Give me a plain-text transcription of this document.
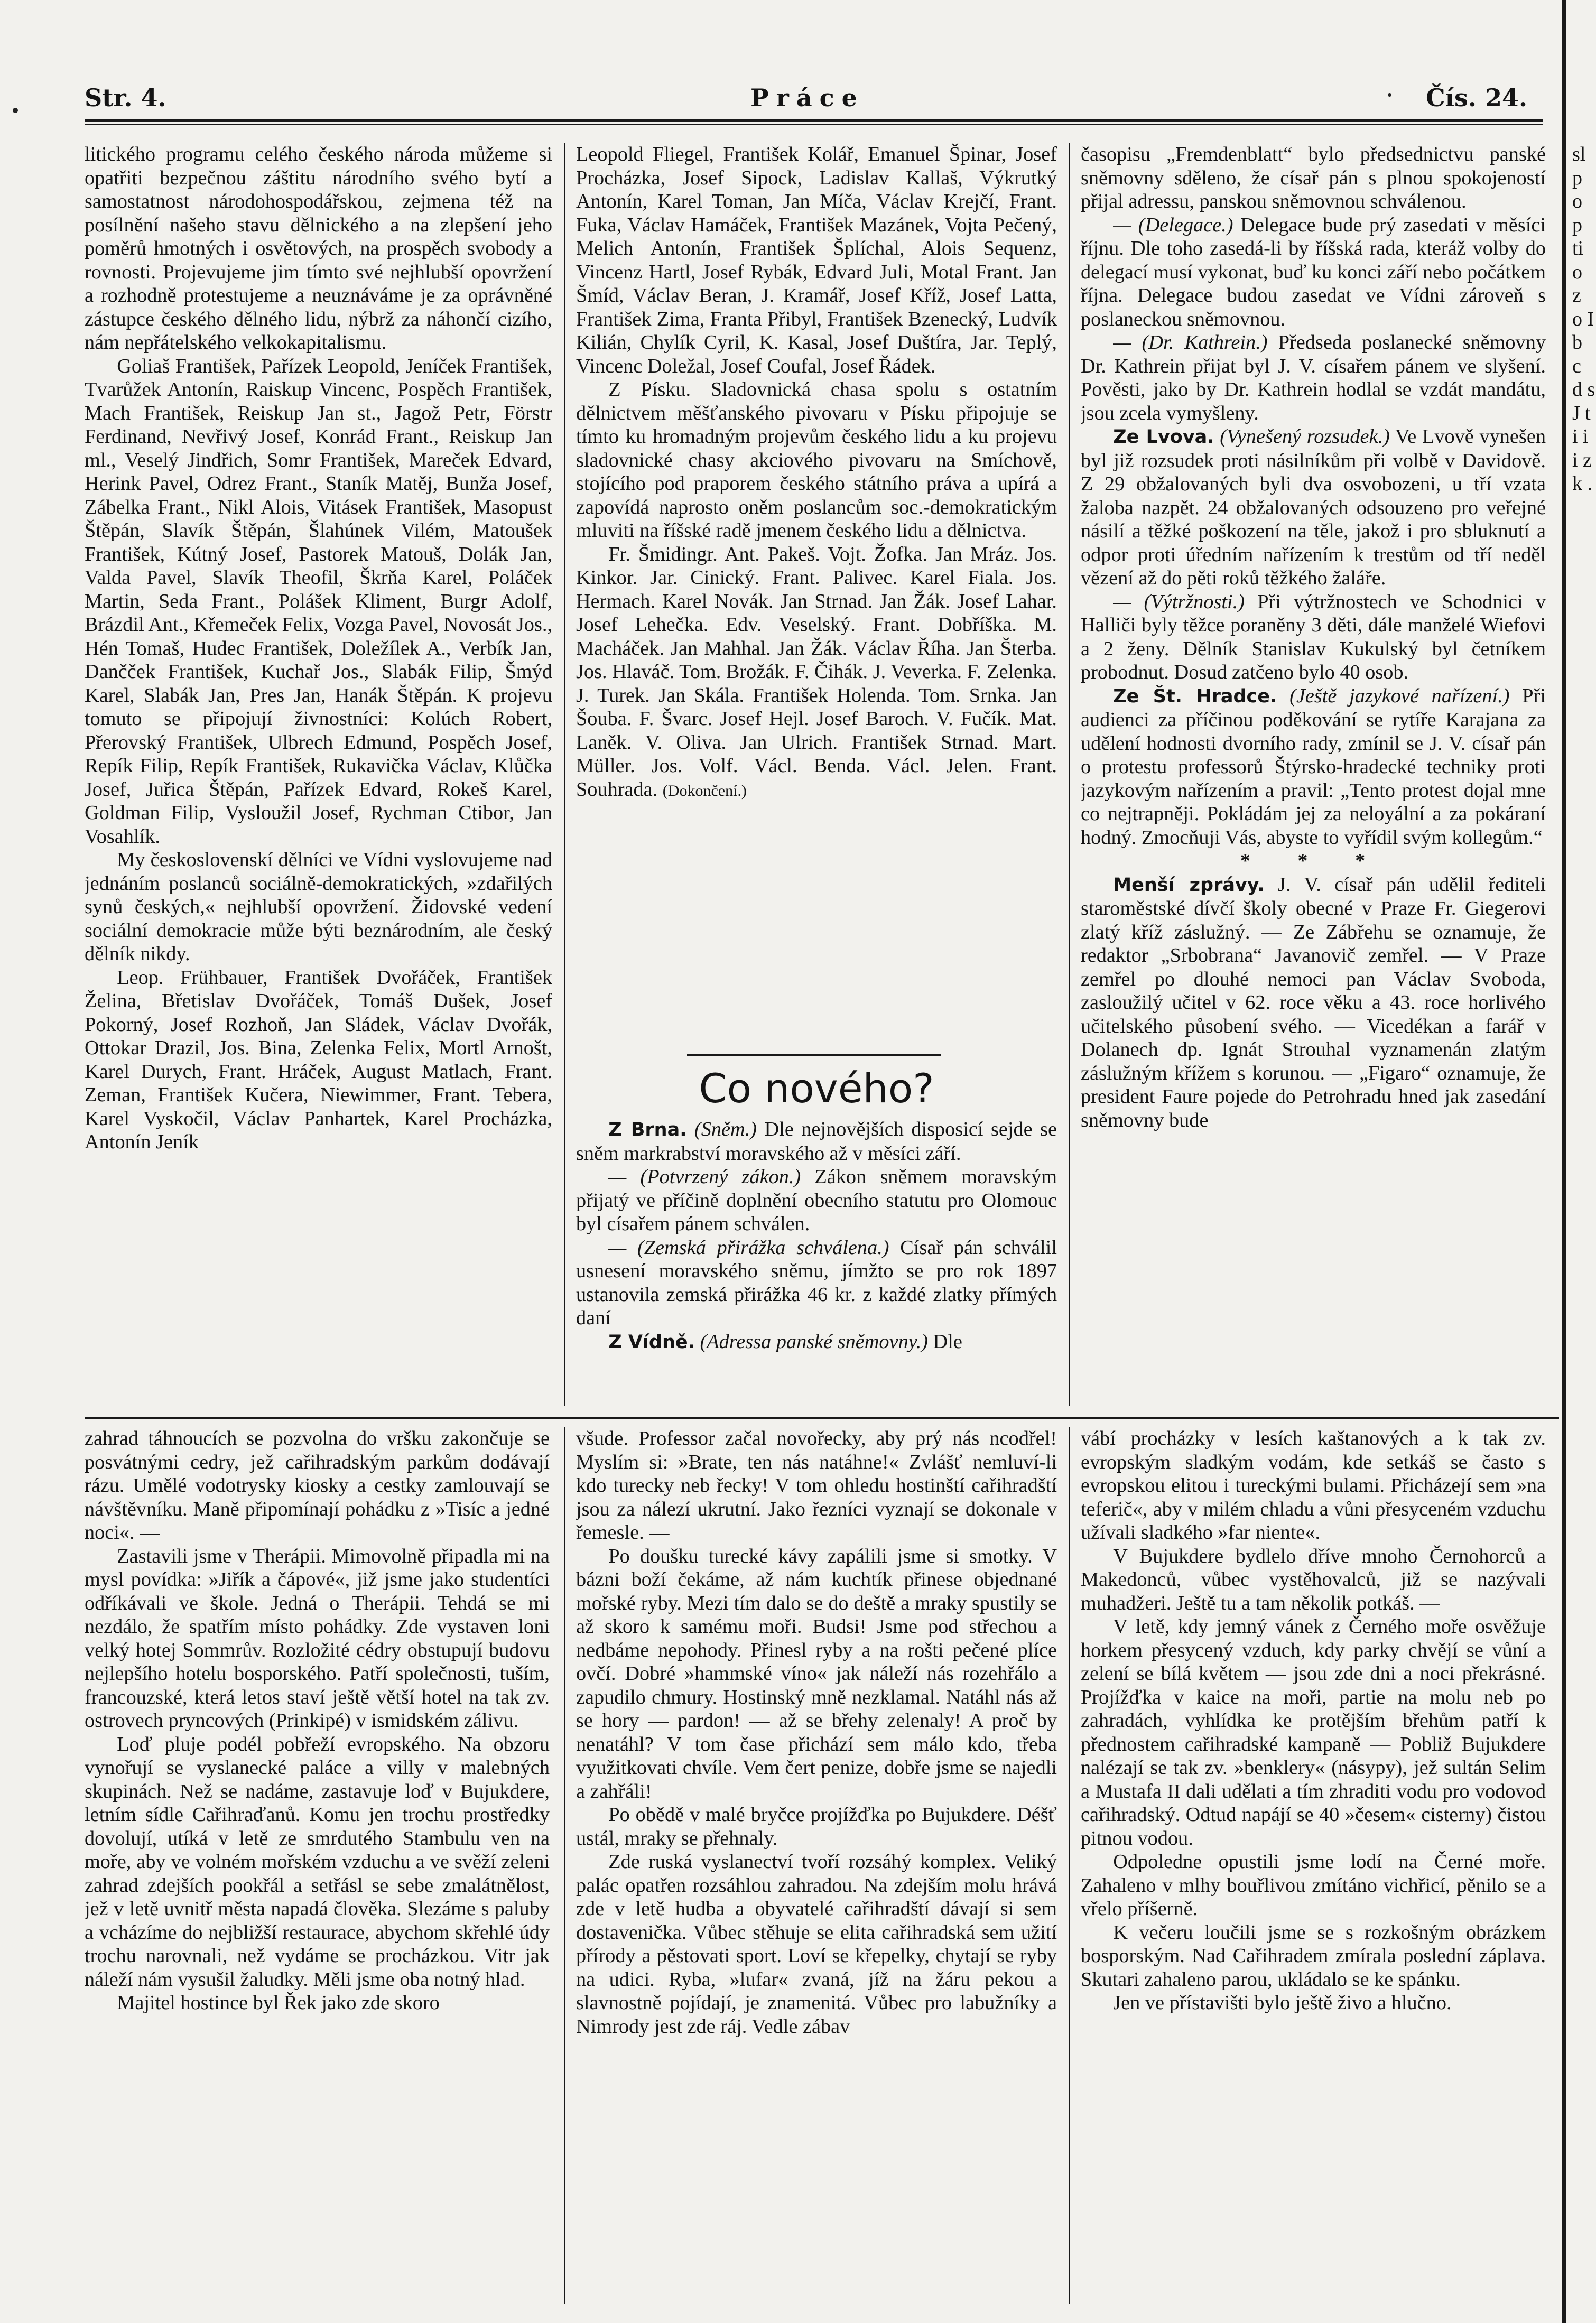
Str. 4.	Práce	Čís. 24.

litického programu celého českého národa můžeme si opatřiti bezpečnou záštitu národního svého bytí a samostatnost národohospodářskou, zejmena též na posílnění našeho stavu dělnického a na zlepšení jeho poměrů hmotných i osvětových, na prospěch svobody a rovnosti. Projevujeme jim tímto své nejhlubší opovržení a rozhodně protestujeme a neuznáváme je za oprávněné zástupce českého dělného lidu, nýbrž za náhončí cizího, nám nepřátelského velkokapitalismu.

Goliaš František, Pařízek Leopold, Jeníček František, Tvarůžek Antonín, Raiskup Vincenc, Pospěch František, Mach František, Reiskup Jan st., Jagož Petr, Förstr Ferdinand, Nevřivý Josef, Konrád Frant., Reiskup Jan ml., Veselý Jindřich, Somr František, Mareček Edvard, Herink Pavel, Odrez Frant., Staník Matěj, Bunža Josef, Zábelka Frant., Nikl Alois, Vitásek František, Masopust Štěpán, Slavík Štěpán, Šlahúnek Vilém, Matoušek František, Kútný Josef, Pastorek Matouš, Dolák Jan, Valda Pavel, Slavík Theofil, Škrňa Karel, Poláček Martin, Seda Frant., Polášek Kliment, Burgr Adolf, Brázdil Ant., Křemeček Felix, Vozga Pavel, Novosát Jos., Hén Tomaš, Hudec František, Doležílek A., Verbík Jan, Dančček František, Kuchař Jos., Slabák Filip, Šmýd Karel, Slabák Jan, Pres Jan, Hanák Štěpán. K projevu tomuto se připojují živnostníci: Kolúch Robert, Přerovský František, Ulbrech Edmund, Pospěch Josef, Repík Filip, Repík František, Rukavička Václav, Klůčka Josef, Juřica Štěpán, Pařízek Edvard, Rokeš Karel, Goldman Filip, Vysloužil Josef, Rychman Ctibor, Jan Vosahlík.

My československí dělníci ve Vídni vyslovujeme nad jednáním poslanců sociálně-demokratických, »zdařilých synů českých,« nejhlubší opovržení. Židovské vedení sociální demokracie může býti beznárodním, ale český dělník nikdy.

Leop. Frühbauer, František Dvořáček, František Želina, Břetislav Dvořáček, Tomáš Dušek, Josef Pokorný, Josef Rozhoň, Jan Sládek, Václav Dvořák, Ottokar Drazil, Jos. Bina, Zelenka Felix, Mortl Arnošt, Karel Durych, Frant. Hráček, August Matlach, Frant. Zeman, František Kučera, Niewimmer, Frant. Tebera, Karel Vyskočil, Václav Panhartek, Karel Procházka, Antonín Jeník

Leopold Fliegel, František Kolář, Emanuel Špinar, Josef Procházka, Josef Sipock, Ladislav Kallaš, Výkrutký Antonín, Karel Toman, Jan Míča, Václav Krejčí, Frant. Fuka, Václav Hamáček, František Mazánek, Vojta Pečený, Melich Antonín, František Šplíchal, Alois Sequenz, Vincenz Hartl, Josef Rybák, Edvard Juli, Motal Frant. Jan Šmíd, Václav Beran, J. Kramář, Josef Kříž, Josef Latta, František Zima, Franta Přibyl, František Bzenecký, Ludvík Kilián, Chylík Cyril, K. Kasal, Josef Duštíra, Jar. Teplý, Vincenc Doležal, Josef Coufal, Josef Řádek.

Z Písku. Sladovnická chasa spolu s ostatním dělnictvem měšťanského pivovaru v Písku připojuje se tímto ku hromadným projevům českého lidu a ku projevu sladovnické chasy akciového pivovaru na Smíchově, stojícího pod praporem českého státního práva a upírá a zapovídá naprosto oněm poslancům soc.-demokratickým mluviti na říšské radě jmenem českého lidu a dělnictva.

Fr. Šmidingr. Ant. Pakeš. Vojt. Žofka. Jan Mráz. Jos. Kinkor. Jar. Cinický. Frant. Palivec. Karel Fiala. Jos. Hermach. Karel Novák. Jan Strnad. Jan Žák. Josef Lahar. Josef Lehečka. Edv. Veselský. Frant. Dobříška. M. Macháček. Jan Mahhal. Jan Žák. Václav Říha. Jan Šterba. Jos. Hlaváč. Tom. Brožák. F. Čihák. J. Veverka. F. Zelenka. J. Turek. Jan Skála. František Holenda. Tom. Srnka. Jan Šouba. F. Švarc. Josef Hejl. Josef Baroch. V. Fučík. Mat. Laněk. V. Oliva. Jan Ulrich. František Strnad. Mart. Müller. Jos. Volf. Václ. Benda. Václ. Jelen. Frant. Souhrada. (Dokončení.)

Co nového?

Z Brna. (Sněm.) Dle nejnovějších disposicí sejde se sněm markrabství moravského až v měsíci září.

— (Potvrzený zákon.) Zákon sněmem moravským přijatý ve příčině doplnění obecního statutu pro Olomouc byl císařem pánem schválen.

— (Zemská přirážka schválena.) Císař pán schválil usnesení moravského sněmu, jímžto se pro rok 1897 ustanovila zemská přirážka 46 kr. z každé zlatky přímých daní

Z Vídně. (Adressa panské sněmovny.) Dle

časopisu „Fremdenblatt“ bylo předsednictvu panské sněmovny sděleno, že císař pán s plnou spokojeností přijal adressu, panskou sněmovnou schválenou.

— (Delegace.) Delegace bude prý zasedati v měsíci říjnu. Dle toho zasedá-li by říšská rada, kteráž volby do delegací musí vykonat, buď ku konci září nebo počátkem října. Delegace budou zasedat ve Vídni zároveň s poslaneckou sněmovnou.

— (Dr. Kathrein.) Předseda poslanecké sněmovny Dr. Kathrein přijat byl J. V. císařem pánem ve slyšení. Pověsti, jako by Dr. Kathrein hodlal se vzdát mandátu, jsou zcela vymyšleny.

Ze Lvova. (Vynešený rozsudek.) Ve Lvově vynešen byl již rozsudek proti násilníkům při volbě v Davidově. Z 29 obžalovaných byli dva osvobozeni, u tří vzata žaloba nazpět. 24 obžalovaných odsouzeno pro veřejné násilí a těžké poškození na těle, jakož i pro sbluknutí a odpor proti úředním nařízením k trestům od tří neděl vězení až do pěti roků těžkého žaláře.

— (Výtržnosti.) Při výtržnostech ve Schodnici v Halliči byly těžce poraněny 3 děti, dále manželé Wiefovi a 2 ženy. Dělník Stanislav Kukulský byl četníkem probodnut. Dosud zatčeno bylo 40 osob.

Ze Št. Hradce. (Ještě jazykové nařízení.) Při audienci za příčinou poděkování se rytíře Karajana za udělení hodnosti dvorního rady, zmínil se J. V. císař pán o protestu professorů Štýrsko-hradecké techniky proti jazykovým nařízením a pravil: „Tento protest dojal mne co nejtrapněji. Pokládám jej za neloyální a za pokáraní hodný. Zmocňuji Vás, abyste to vyřídil svým kollegům.“

* * *

Menší zprávy. J. V. císař pán udělil řediteli staroměstské dívčí školy obecné v Praze Fr. Giegerovi zlatý kříž záslužný. — Ze Zábřehu se oznamuje, že redaktor „Srbobrana“ Javanovič zemřel. — V Praze zemřel po dlouhé nemoci pan Václav Svoboda, zasloužilý učitel v 62. roce věku a 43. roce horlivého učitelského působení svého. — Vicedékan a farář v Dolanech dp. Ignát Strouhal vyznamenán zlatým záslužným křížem s korunou. — „Figaro“ oznamuje, že president Faure pojede do Petrohradu hned jak zasedání sněmovny bude

zahrad táhnoucích se pozvolna do vršku zakončuje se posvátnými cedry, jež cařihradským parkům dodávají rázu. Umělé vodotrysky kiosky a cestky zamlouvají se návštěvníku. Maně připomínají pohádku z »Tisíc a jedné noci«. —

Zastavili jsme v Therápii. Mimovolně připadla mi na mysl povídka: »Jiřík a čápové«, již jsme jako studentíci odříkávali ve škole. Jedná o Therápii. Tehdá se mi nezdálo, že spatřím místo pohádky. Zde vystaven loni velký hotej Sommrův. Rozložité cédry obstupují budovu nejlepšího hotelu bosporského. Patří společnosti, tuším, francouzské, která letos staví ještě větší hotel na tak zv. ostrovech pryncových (Prinkipé) v ismidském zálivu.

Loď pluje podél pobřeží evropského. Na obzoru vynořují se vyslanecké paláce a villy v malebných skupinách. Než se nadáme, zastavuje loď v Bujukdere, letním sídle Cařihraďanů. Komu jen trochu prostředky dovolují, utíká v letě ze smrdutého Stambulu ven na moře, aby ve volném mořském vzduchu a ve svěží zeleni zahrad zdejších pookřál a setřásl se sebe zmalátnělost, jež v letě uvnitř města napadá člověka. Slezáme s paluby a vcházíme do nejbližší restaurace, abychom skřehlé údy trochu narovnali, než vydáme se procházkou. Vitr jak náleží nám vysušil žaludky. Měli jsme oba notný hlad.

Majitel hostince byl Řek jako zde skoro

všude. Professor začal novořecky, aby prý nás ncodřel! Myslím si: »Brate, ten nás natáhne!« Zvlášť nemluví-li kdo turecky neb řecky! V tom ohledu hostinští cařihradští jsou za nálezí ukrutní. Jako řezníci vyznají se dokonale v řemesle. —

Po doušku turecké kávy zapálili jsme si smotky. V bázni boží čekáme, až nám kuchtík přinese objednané mořské ryby. Mezi tím dalo se do deště a mraky spustily se až skoro k samému moři. Budsi! Jsme pod střechou a nedbáme nepohody. Přinesl ryby a na rošti pečené plíce ovčí. Dobré »hammské víno« jak náleží nás rozehřálo a zapudilo chmury. Hostinský mně nezklamal. Natáhl nás až se hory — pardon! — až se břehy zelenaly! A proč by nenatáhl? V tom čase přichází sem málo kdo, třeba využitkovati chvíle. Vem čert penize, dobře jsme se najedli a zahřáli!

Po obědě v malé bryčce projížďka po Bujukdere. Déšť ustál, mraky se přehnaly.

Zde ruská vyslanectví tvoří rozsáhý komplex. Veliký palác opatřen rozsáhlou zahradou. Na zdejším molu hrává zde v letě hudba a obyvatelé cařihradští dávají si sem dostavenička. Vůbec stěhuje se elita cařihradská sem užití přírody a pěstovati sport. Loví se křepelky, chytají se ryby na udici. Ryba, »lufar« zvaná, jíž na žáru pekou a slavnostně pojídají, je znamenitá. Vůbec pro labužníky a Nimrody jest zde ráj. Vedle zábav

vábí procházky v lesích kaštanových a k tak zv. evropským sladkým vodám, kde setkáš se často s evropskou elitou i tureckými bulami. Přicházejí sem »na teferič«, aby v milém chladu a vůni přesyceném vzduchu užívali sladkého »far niente«.

V Bujukdere bydlelo dříve mnoho Černohorců a Makedonců, vůbec vystěhovalců, již se nazývali muhadžeri. Ještě tu a tam několik potkáš. —

V letě, kdy jemný vánek z Černého moře osvěžuje horkem přesycený vzduch, kdy parky chvějí se vůní a zelení se bílá květem — jsou zde dni a noci překrásné. Projížďka v kaice na moři, partie na molu neb po zahradách, vyhlídka ke protějším břehům patří k přednostem cařihradské kampaně — Pobliž Bujukdere nalézají se tak zv. »benklery« (násypy), jež sultán Selim a Mustafa II dali udělati a tím zhraditi vodu pro vodovod cařihradský. Odtud napájí se 40 »česem« cisterny) čistou pitnou vodou.

Odpoledne opustili jsme lodí na Černé moře. Zahaleno v mlhy bouřlivou zmítáno vichřicí, pěnilo se a vřelo příšerně.

K večeru loučili jsme se s rozkošným obrázkem bosporským. Nad Cařihradem zmírala poslední záplava. Skutari zahaleno parou, ukládalo se ke spánku.

Jen ve přístavišti bylo ještě živo a hlučno.

sl p o p ti o z o I b c d s J t i i i z k .
